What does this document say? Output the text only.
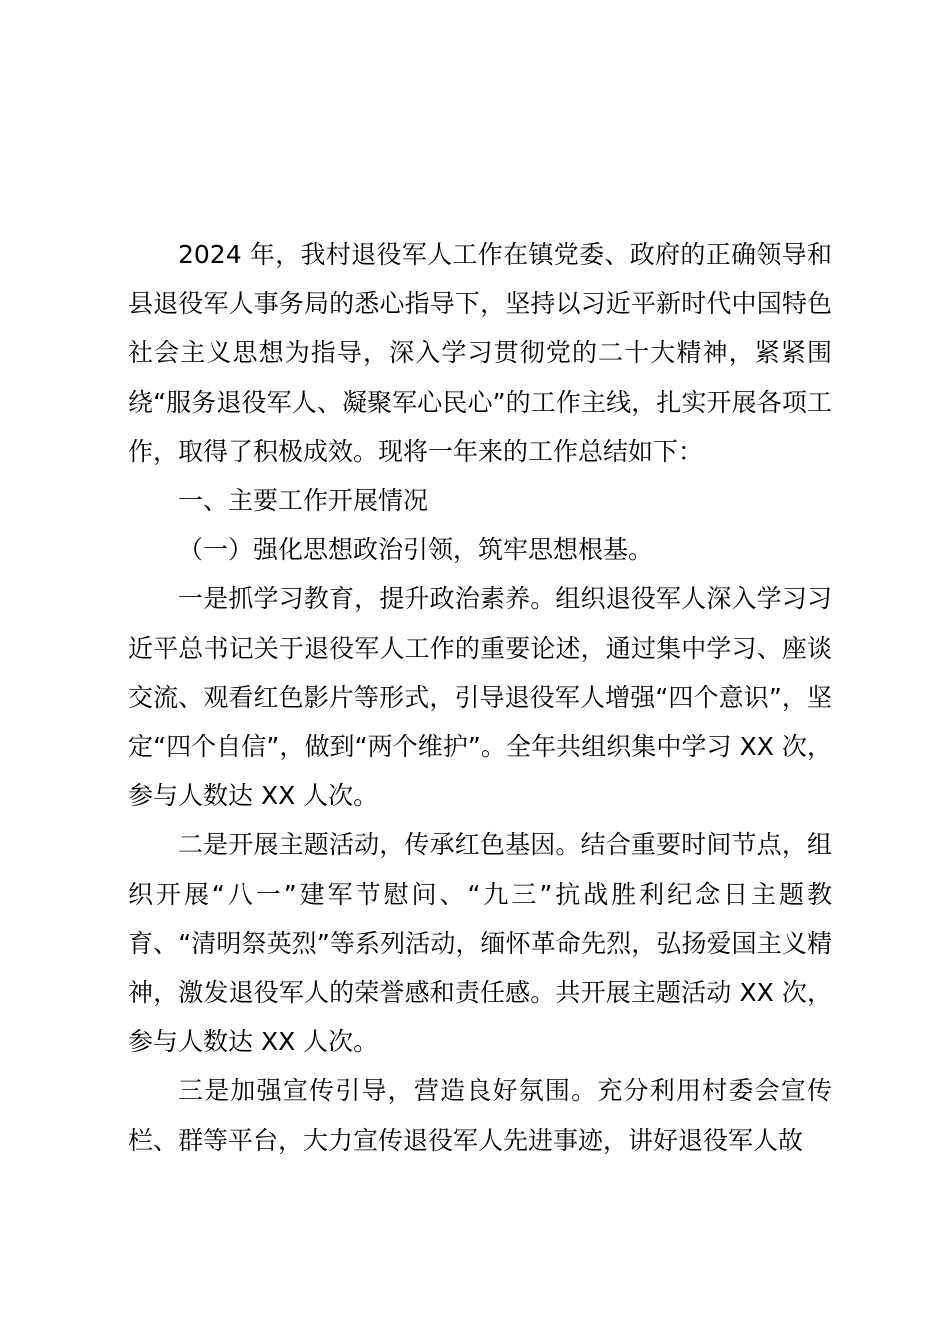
2024 年，我村退役军人工作在镇党委、政府的正确领导和县退役军人事务局的悉心指导下，坚持以习近平新时代中国特色社会主义思想为指导，深入学习贯彻党的二十大精神，紧紧围绕“服务退役军人、凝聚军心民心”的工作主线，扎实开展各项工作，取得了积极成效。现将一年来的工作总结如下：

一、主要工作开展情况

（一）强化思想政治引领，筑牢思想根基。

一是抓学习教育，提升政治素养。组织退役军人深入学习习近平总书记关于退役军人工作的重要论述，通过集中学习、座谈交流、观看红色影片等形式，引导退役军人增强“四个意识”，坚定“四个自信”，做到“两个维护”。全年共组织集中学习 XX 次，参与人数达 XX 人次。

二是开展主题活动，传承红色基因。结合重要时间节点，组织开展“八一”建军节慰问、“九三”抗战胜利纪念日主题教育、“清明祭英烈”等系列活动，缅怀革命先烈，弘扬爱国主义精神，激发退役军人的荣誉感和责任感。共开展主题活动 XX 次，参与人数达 XX 人次。

三是加强宣传引导，营造良好氛围。充分利用村委会宣传栏、群等平台，大力宣传退役军人先进事迹，讲好退役军人故
